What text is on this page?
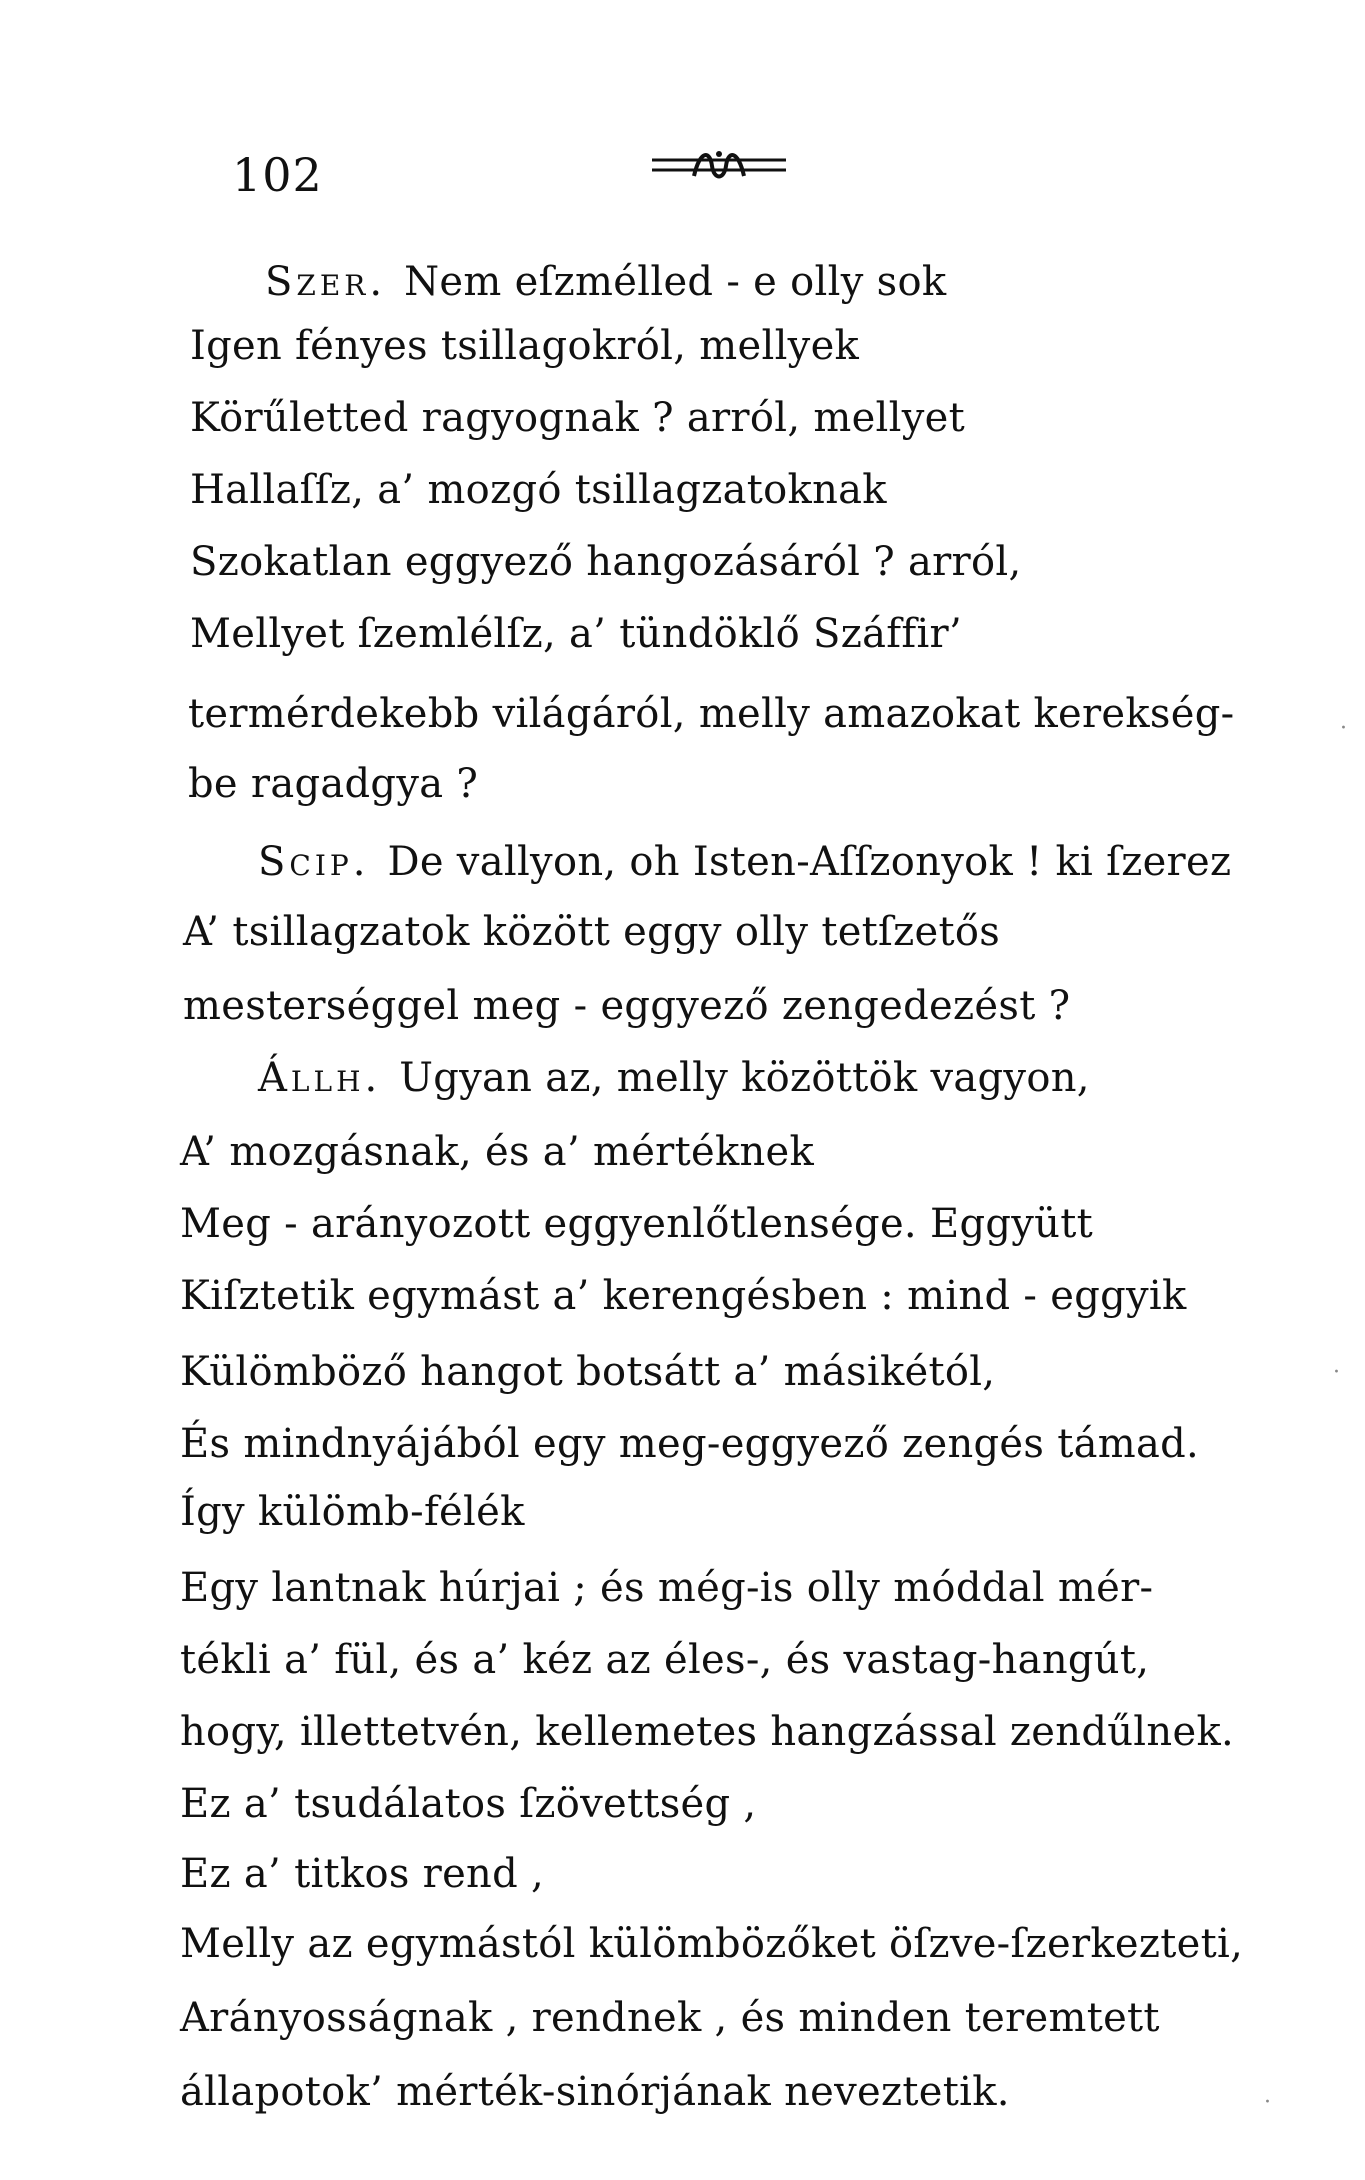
102
Szer. Nem eſzmélled - e olly sok
Igen fényes tsillagokról, mellyek
Körűletted ragyognak ? arról, mellyet
Hallaſſz, a’ mozgó tsillagzatoknak
Szokatlan eggyező hangozásáról ? arról,
Mellyet ſzemlélſz, a’ tündöklő Száffir’
termérdekebb világáról, melly amazokat kerekség-
be ragadgya ?
Scip. De vallyon, oh Isten-Aſſzonyok ! ki ſzerez
A’ tsillagzatok között eggy olly tetſzetős
mesterséggel meg - eggyező zengedezést ?
Állh. Ugyan az, melly közöttök vagyon,
A’ mozgásnak, és a’ mértéknek
Meg - arányozott eggyenlőtlensége. Eggyütt
Kiſztetik egymást a’ kerengésben : mind - eggyik
Külömböző hangot botsátt a’ másikétól,
És mindnyájából egy meg-eggyező zengés támad.
Így külömb-félék
Egy lantnak húrjai ; és még-is olly móddal mér-
tékli a’ fül, és a’ kéz az éles-, és vastag-hangút,
hogy, illettetvén, kellemetes hangzással zendűlnek.
Ez a’ tsudálatos ſzövettség ,
Ez a’ titkos rend ,
Melly az egymástól külömbözőket öſzve-ſzerkezteti,
Arányosságnak , rendnek , és minden teremtett
állapotok’ mérték-sinórjának neveztetik.
·
·
·
